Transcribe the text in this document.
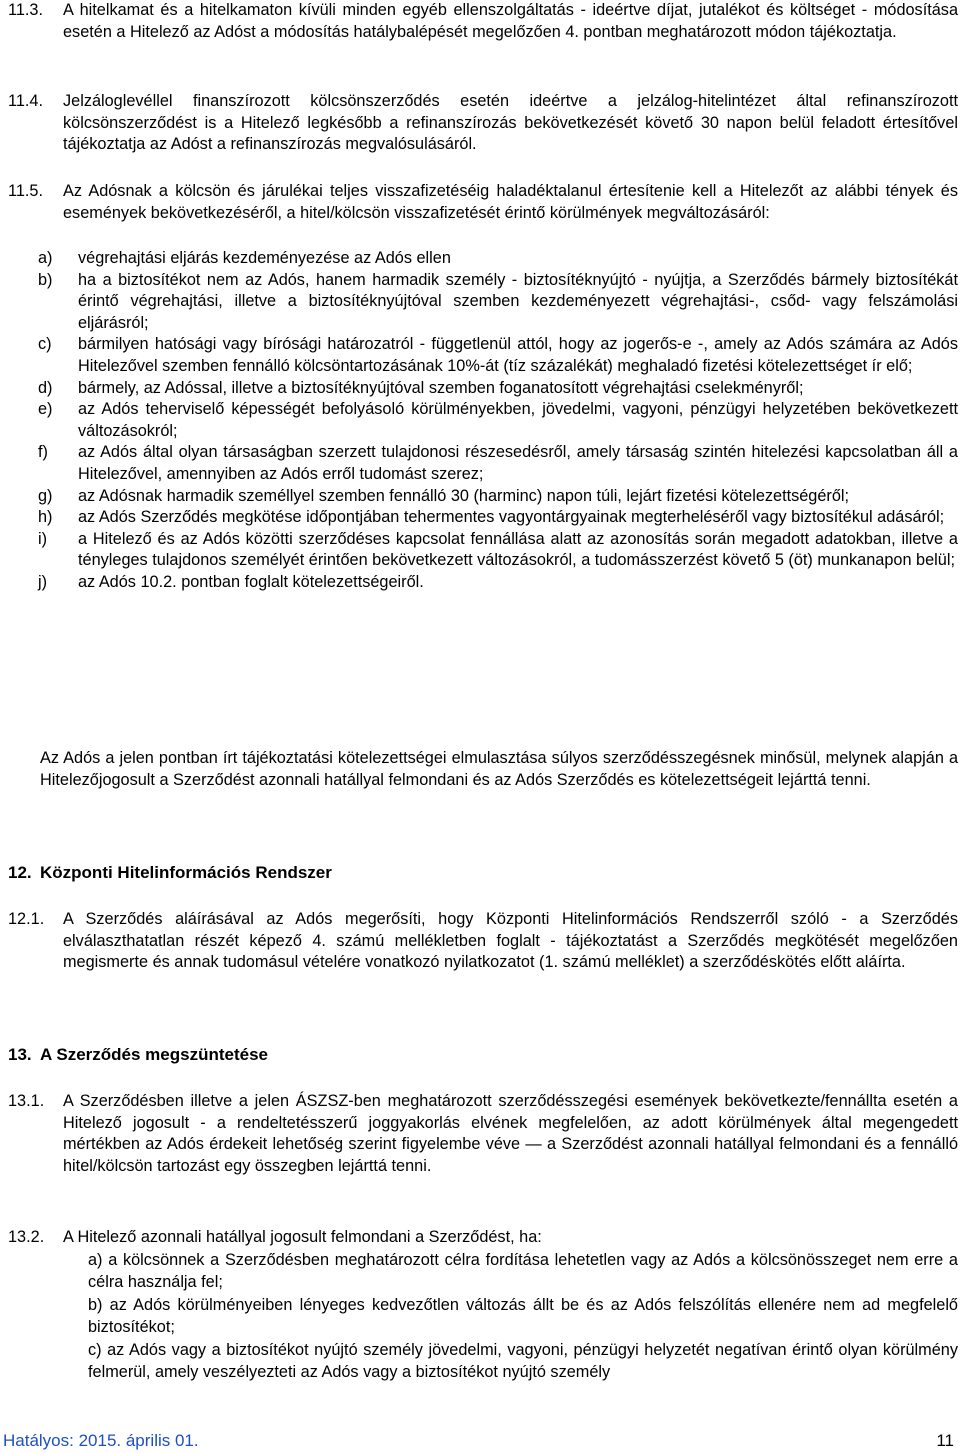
11.3.	A hitelkamat és a hitelkamaton kívüli minden egyéb ellenszolgáltatás - ideértve díjat, jutalékot és költséget - módosítása esetén a Hitelező az Adóst a módosítás hatálybalépését megelőzően 4. pontban meghatározott módon tájékoztatja.
11.4.	Jelzáloglevéllel finanszírozott kölcsönszerződés esetén ideértve a jelzálog-hitelintézet által refinanszírozott kölcsönszerződést is a Hitelező legkésőbb a refinanszírozás bekövetkezését követő 30 napon belül feladott értesítővel tájékoztatja az Adóst a refinanszírozás megvalósulásáról.
11.5.	Az Adósnak a kölcsön és járulékai teljes visszafizetéséig haladéktalanul értesítenie kell a Hitelezőt az alábbi tények és események bekövetkezéséről, a hitel/kölcsön visszafizetését érintő körülmények megváltozásáról:
a) végrehajtási eljárás kezdeményezése az Adós ellen
b) ha a biztosítékot nem az Adós, hanem harmadik személy - biztosítéknyújtó - nyújtja, a Szerződés bármely biztosítékát érintő végrehajtási, illetve a biztosítéknyújtóval szemben kezdeményezett végrehajtási-, csőd- vagy felszámolási eljárásról;
c) bármilyen hatósági vagy bírósági határozatról - függetlenül attól, hogy az jogerős-e -, amely az Adós számára az Adós Hitelezővel szemben fennálló kölcsöntartozásának 10%-át (tíz százalékát) meghaladó fizetési kötelezettséget ír elő;
d) bármely, az Adóssal, illetve a biztosítéknyújtóval szemben foganatosított végrehajtási cselekményről;
e) az Adós teherviselő képességét befolyásoló körülményekben, jövedelmi, vagyoni, pénzügyi helyzetében bekövetkezett változásokról;
f) az Adós által olyan társaságban szerzett tulajdonosi részesedésről, amely társaság szintén hitelezési kapcsolatban áll a Hitelezővel, amennyiben az Adós erről tudomást szerez;
g) az Adósnak harmadik személlyel szemben fennálló 30 (harminc) napon túli, lejárt fizetési kötelezettségéről;
h) az Adós Szerződés megkötése időpontjában tehermentes vagyontárgyainak megterheléséről vagy biztosítékul adásáról;
i) a Hitelező és az Adós közötti szerződéses kapcsolat fennállása alatt az azonosítás során megadott adatokban, illetve a tényleges tulajdonos személyét érintően bekövetkezett változásokról, a tudomásszerzést követő 5 (öt) munkanapon belül;
j) az Adós 10.2. pontban foglalt kötelezettségeiről.
Az Adós a jelen pontban írt tájékoztatási kötelezettségei elmulasztása súlyos szerződésszegésnek minősül, melynek alapján a Hitelezőjogosult a Szerződést azonnali hatállyal felmondani és az Adós Szerződés es kötelezettségeit lejárttá tenni.
12. Központi Hitelinformációs Rendszer
12.1.	A Szerződés aláírásával az Adós megerősíti, hogy Központi Hitelinformációs Rendszerről szóló - a Szerződés elválaszthatatlan részét képező 4. számú mellékletben foglalt - tájékoztatást a Szerződés megkötését megelőzően megismerte és annak tudomásul vételére vonatkozó nyilatkozatot (1. számú melléklet) a szerződéskötés előtt aláírta.
13. A Szerződés megszüntetése
13.1.	A Szerződésben illetve a jelen ÁSZSZ-ben meghatározott szerződésszegési események bekövetkezte/fennállta esetén a Hitelező jogosult - a rendeltetésszerű joggyakorlás elvének megfelelően, az adott körülmények által megengedett mértékben az Adós érdekeit lehetőség szerint figyelembe véve ― a Szerződést azonnali hatállyal felmondani és a fennálló hitel/kölcsön tartozást egy összegben lejárttá tenni.
13.2.	A Hitelező azonnali hatállyal jogosult felmondani a Szerződést, ha:
a) a kölcsönnek a Szerződésben meghatározott célra fordítása lehetetlen vagy az Adós a kölcsönösszeget nem erre a célra használja fel;
b) az Adós körülményeiben lényeges kedvezőtlen változás állt be és az Adós felszólítás ellenére nem ad megfelelő biztosítékot;
c) az Adós vagy a biztosítékot nyújtó személy jövedelmi, vagyoni, pénzügyi helyzetét negatívan érintő olyan körülmény felmerül, amely veszélyezteti az Adós vagy a biztosítékot nyújtó személy
Hatályos: 2015. április 01.	11
